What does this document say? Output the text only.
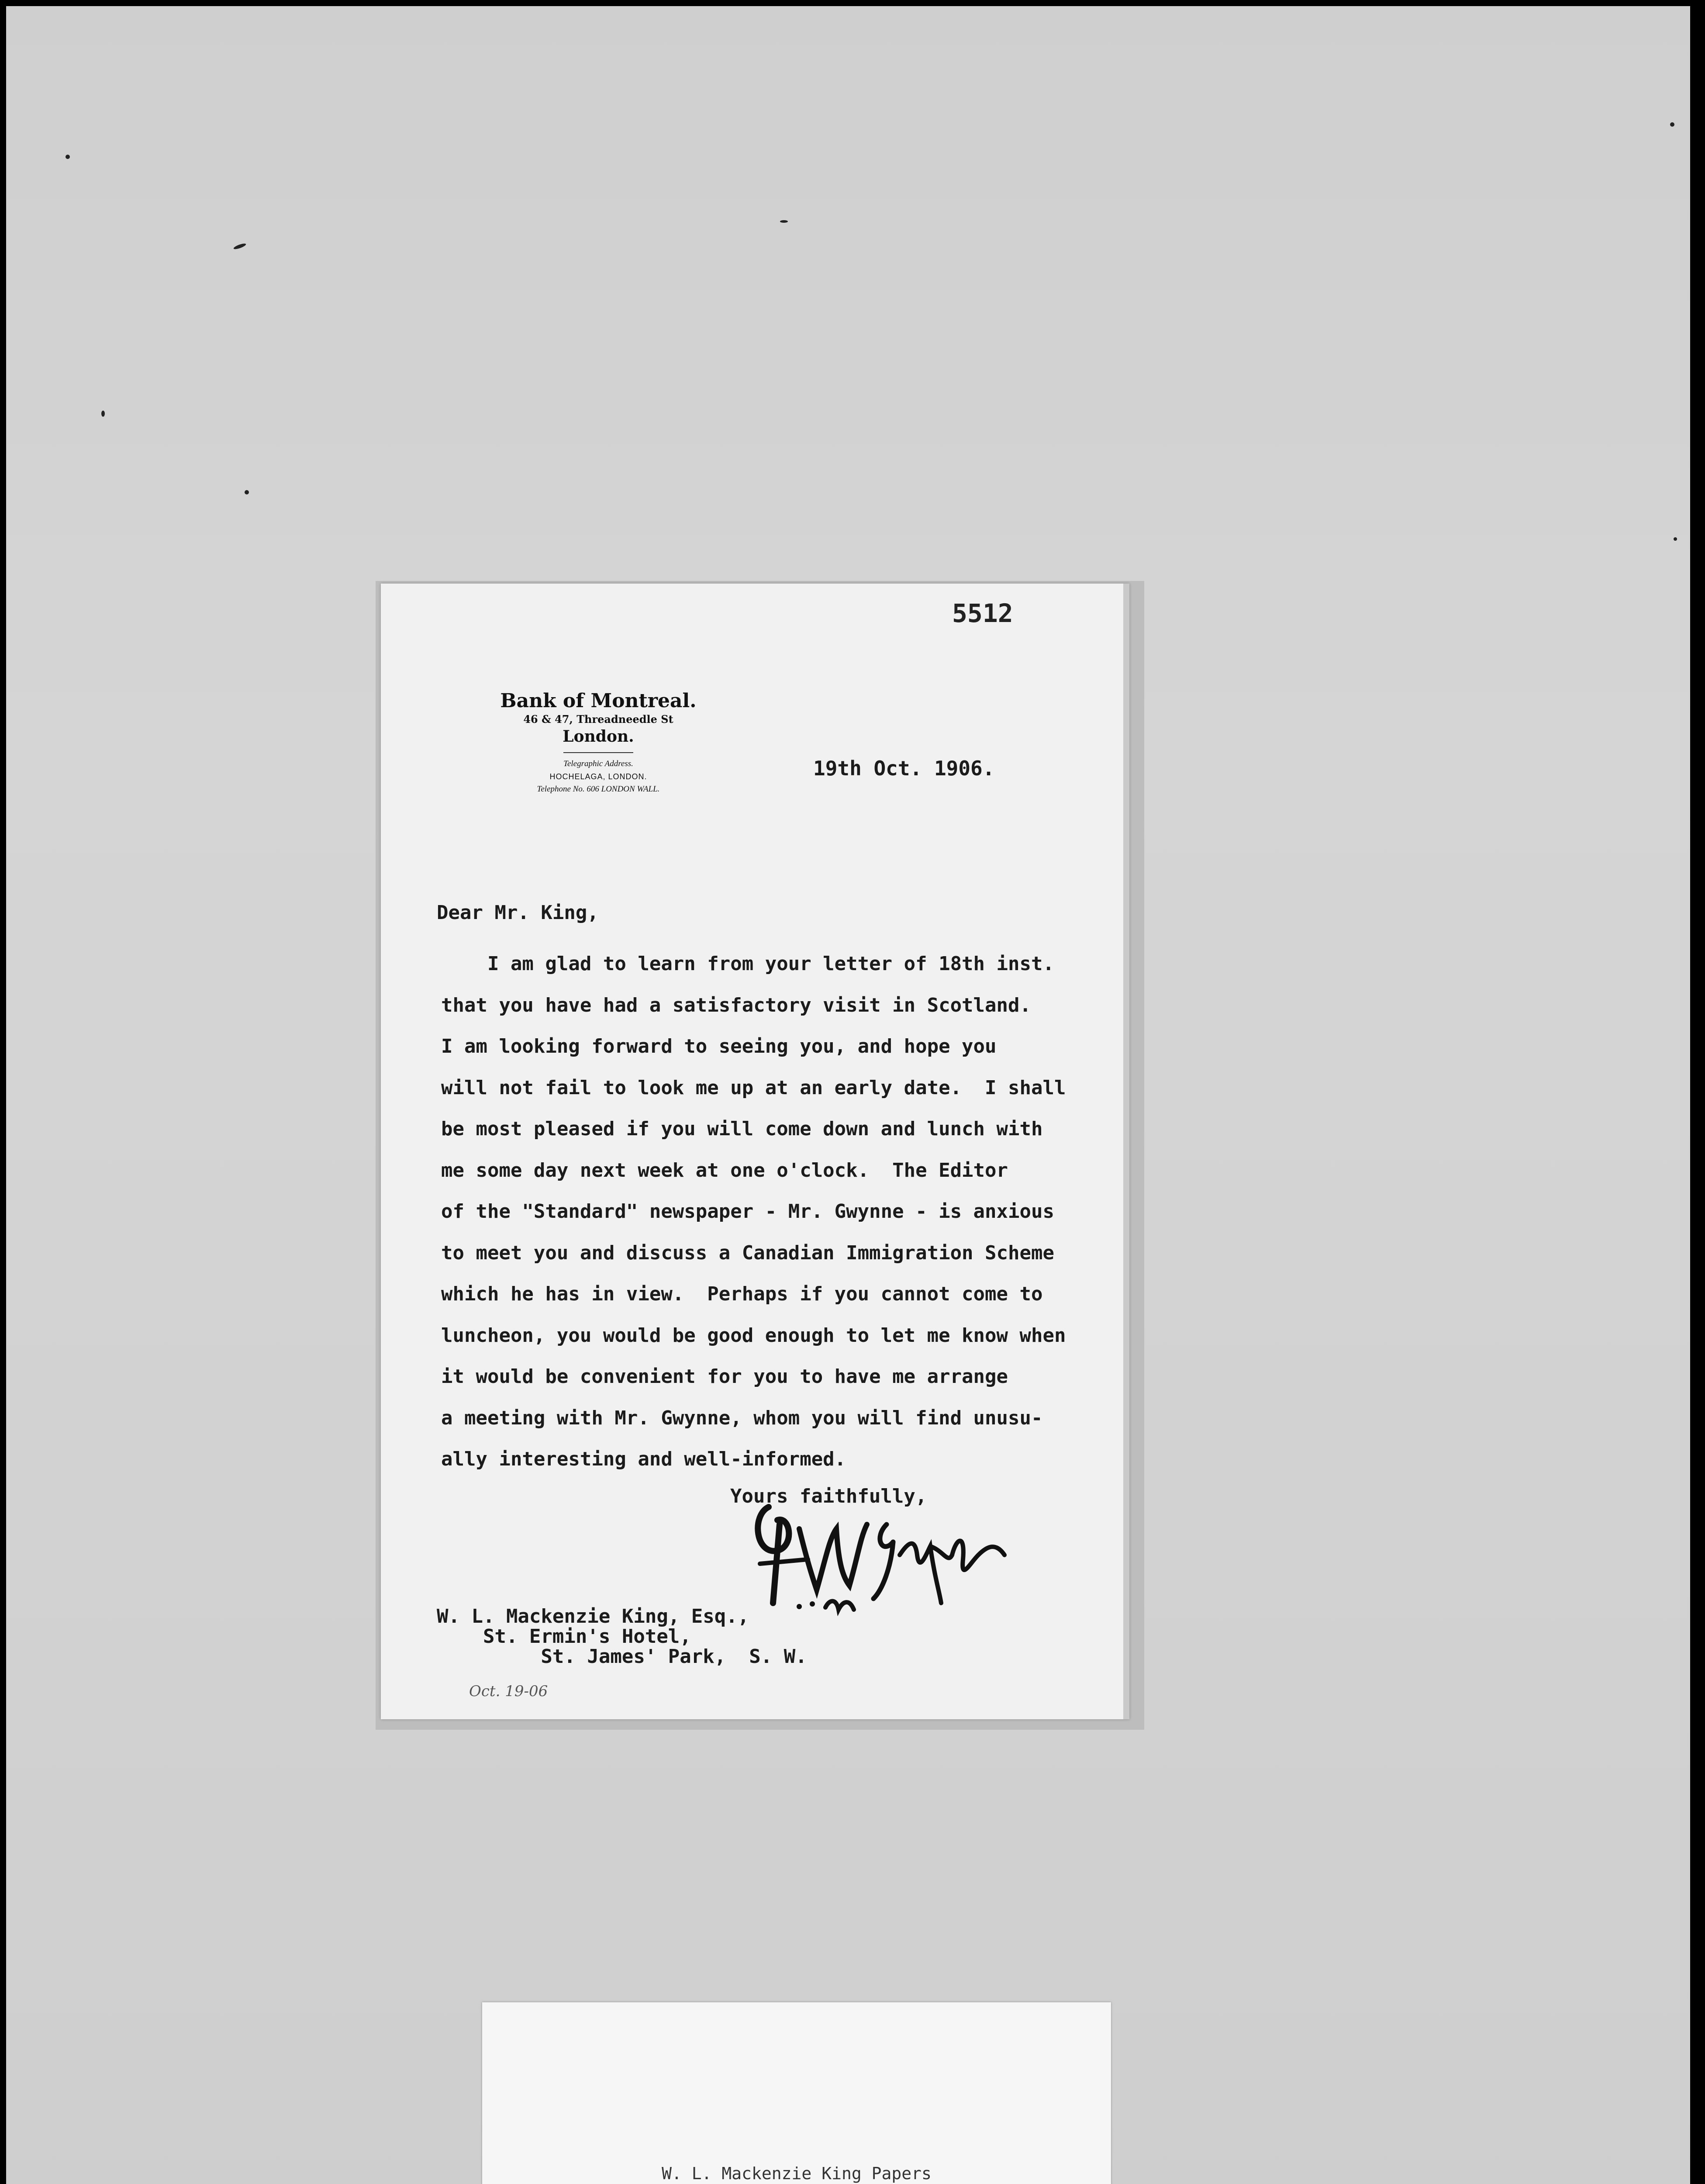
5512
Bank of Montreal.
46 & 47, Threadneedle St
London.
Telegraphic Address.
HOCHELAGA, LONDON.
Telephone No. 606 LONDON WALL.
19th Oct. 1906.
Dear Mr. King,
I am glad to learn from your letter of 18th inst.
that you have had a satisfactory visit in Scotland.
I am looking forward to seeing you, and hope you
will not fail to look me up at an early date.  I shall
be most pleased if you will come down and lunch with
me some day next week at one o'clock.  The Editor
of the "Standard" newspaper - Mr. Gwynne - is anxious
to meet you and discuss a Canadian Immigration Scheme
which he has in view.  Perhaps if you cannot come to
luncheon, you would be good enough to let me know when
it would be convenient for you to have me arrange
a meeting with Mr. Gwynne, whom you will find unusu-
ally interesting and well-informed.
Yours faithfully,
W. L. Mackenzie King, Esq.,
St. Ermin's Hotel,
St. James' Park,  S. W.
Oct. 19-06
W. L. Mackenzie King Papers
